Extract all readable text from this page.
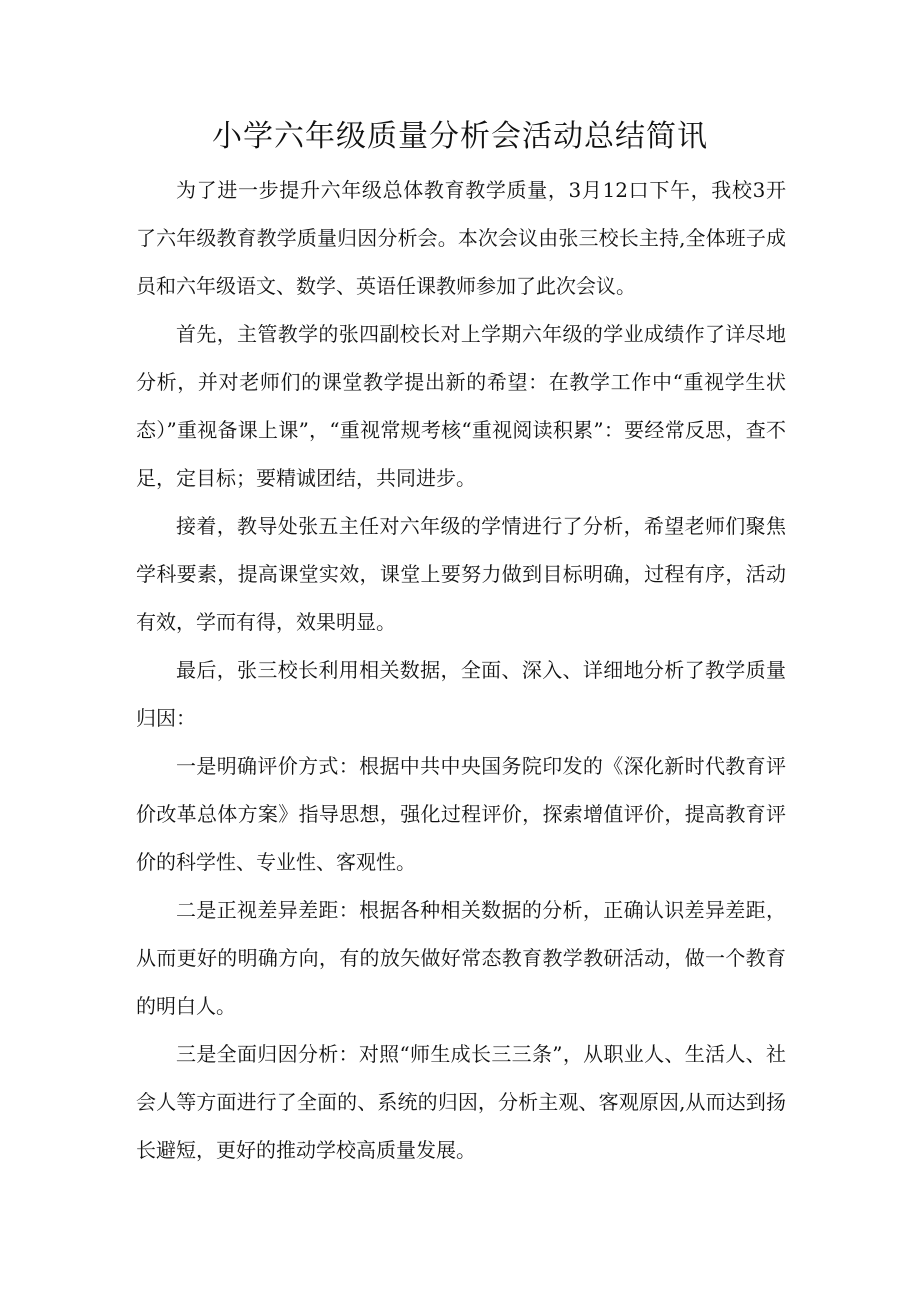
小学六年级质量分析会活动总结简讯

为了进一步提升六年级总体教育教学质量，3月12口下午，我校3开了六年级教育教学质量归因分析会。本次会议由张三校长主持,全体班子成员和六年级语文、数学、英语任课教师参加了此次会议。

首先，主管教学的张四副校长对上学期六年级的学业成绩作了详尽地分析，并对老师们的课堂教学提出新的希望：在教学工作中“重视学生状态）”重视备课上课”，“重视常规考核“重视阅读积累”：要经常反思，查不足，定目标；要精诚团结，共同进步。

接着，教导处张五主任对六年级的学情进行了分析，希望老师们聚焦学科要素，提高课堂实效，课堂上要努力做到目标明确，过程有序，活动有效，学而有得，效果明显。

最后，张三校长利用相关数据，全面、深入、详细地分析了教学质量归因：

一是明确评价方式：根据中共中央国务院印发的《深化新时代教育评价改革总体方案》指导思想，强化过程评价，探索增值评价，提高教育评价的科学性、专业性、客观性。

二是正视差异差距：根据各种相关数据的分析，正确认识差异差距，从而更好的明确方向，有的放矢做好常态教育教学教研活动，做一个教育的明白人。

三是全面归因分析：对照“师生成长三三条”，从职业人、生活人、社会人等方面进行了全面的、系统的归因，分析主观、客观原因,从而达到扬长避短，更好的推动学校高质量发展。
